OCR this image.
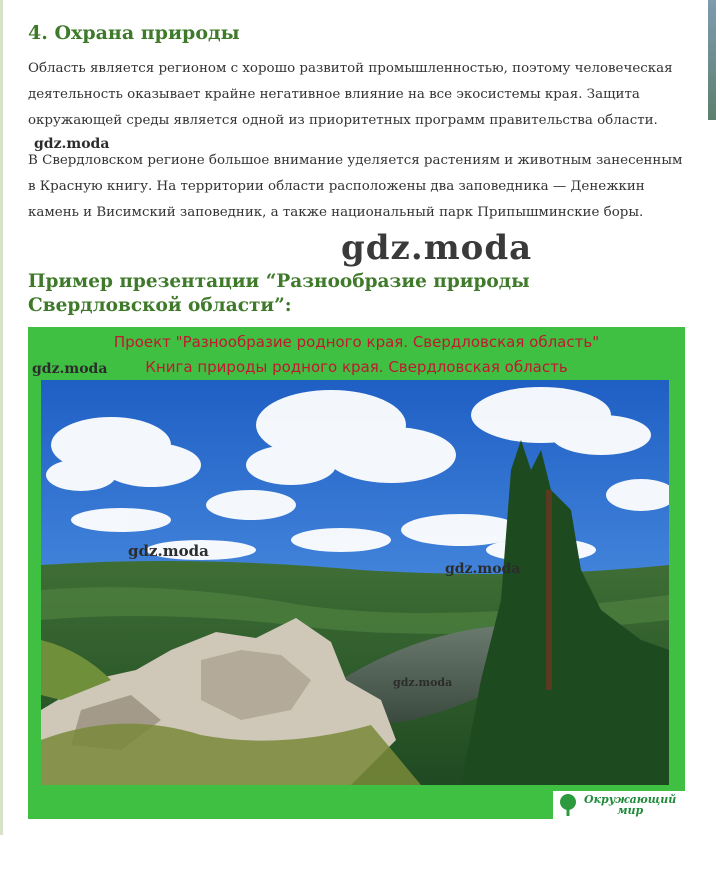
4. Охрана природы

Область является регионом с хорошо развитой промышленностью, поэтому человеческая деятельность оказывает крайне негативное влияние на все экосистемы края. Защита окружающей среды является одной из приоритетных программ правительства области.

В Свердловском регионе большое внимание уделяется растениям и животным занесенным в Красную книгу. На территории области расположены два заповедника — Денежкин камень и Висимский заповедник, а также национальный парк Припышминские боры.

gdz.moda
gdz.moda
Пример презентации “Разнообразие природы Свердловской области”:
Проект "Разнообразие родного края. Свердловская область"
Книга природы родного края. Свердловская область
Окружающий
мир
gdz.moda
gdz.moda
gdz.moda
gdz.moda
